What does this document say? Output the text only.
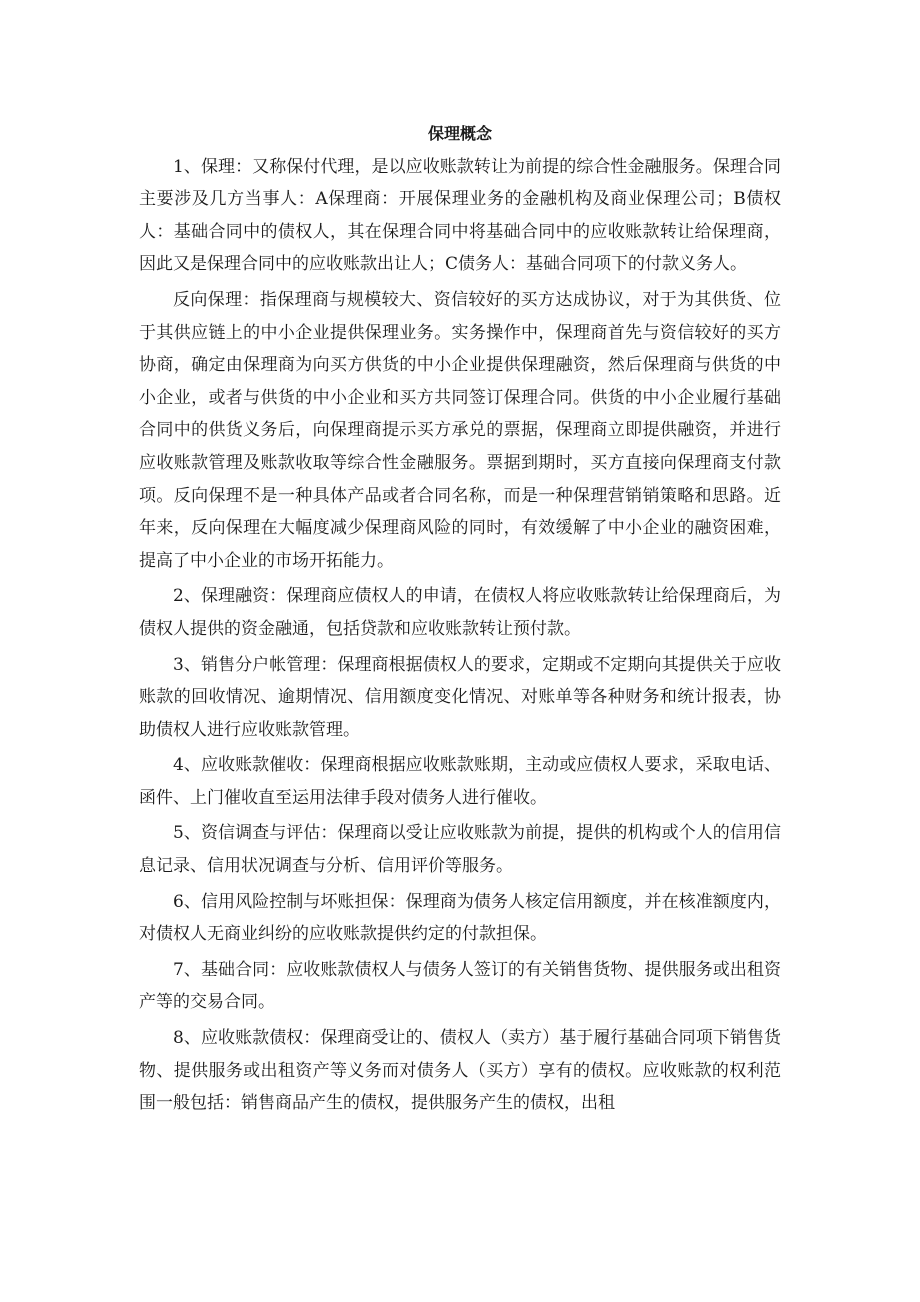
保理概念

1、保理：又称保付代理，是以应收账款转让为前提的综合性金融服务。保理合同主要涉及几方当事人：A保理商：开展保理业务的金融机构及商业保理公司；B债权人：基础合同中的债权人，其在保理合同中将基础合同中的应收账款转让给保理商，因此又是保理合同中的应收账款出让人；C债务人：基础合同项下的付款义务人。

反向保理：指保理商与规模较大、资信较好的买方达成协议，对于为其供货、位于其供应链上的中小企业提供保理业务。实务操作中，保理商首先与资信较好的买方协商，确定由保理商为向买方供货的中小企业提供保理融资，然后保理商与供货的中小企业，或者与供货的中小企业和买方共同签订保理合同。供货的中小企业履行基础合同中的供货义务后，向保理商提示买方承兑的票据，保理商立即提供融资，并进行应收账款管理及账款收取等综合性金融服务。票据到期时，买方直接向保理商支付款项。反向保理不是一种具体产品或者合同名称，而是一种保理营销销策略和思路。近年来，反向保理在大幅度减少保理商风险的同时，有效缓解了中小企业的融资困难，提高了中小企业的市场开拓能力。

2、保理融资：保理商应债权人的申请，在债权人将应收账款转让给保理商后，为债权人提供的资金融通，包括贷款和应收账款转让预付款。

3、销售分户帐管理：保理商根据债权人的要求，定期或不定期向其提供关于应收账款的回收情况、逾期情况、信用额度变化情况、对账单等各种财务和统计报表，协助债权人进行应收账款管理。

4、应收账款催收：保理商根据应收账款账期，主动或应债权人要求，采取电话、函件、上门催收直至运用法律手段对债务人进行催收。

5、资信调查与评估：保理商以受让应收账款为前提，提供的机构或个人的信用信息记录、信用状况调查与分析、信用评价等服务。

6、信用风险控制与坏账担保：保理商为债务人核定信用额度，并在核准额度内，对债权人无商业纠纷的应收账款提供约定的付款担保。

7、基础合同：应收账款债权人与债务人签订的有关销售货物、提供服务或出租资产等的交易合同。

8、应收账款债权：保理商受让的、债权人（卖方）基于履行基础合同项下销售货物、提供服务或出租资产等义务而对债务人（买方）享有的债权。应收账款的权利范围一般包括：销售商品产生的债权，提供服务产生的债权，出租
